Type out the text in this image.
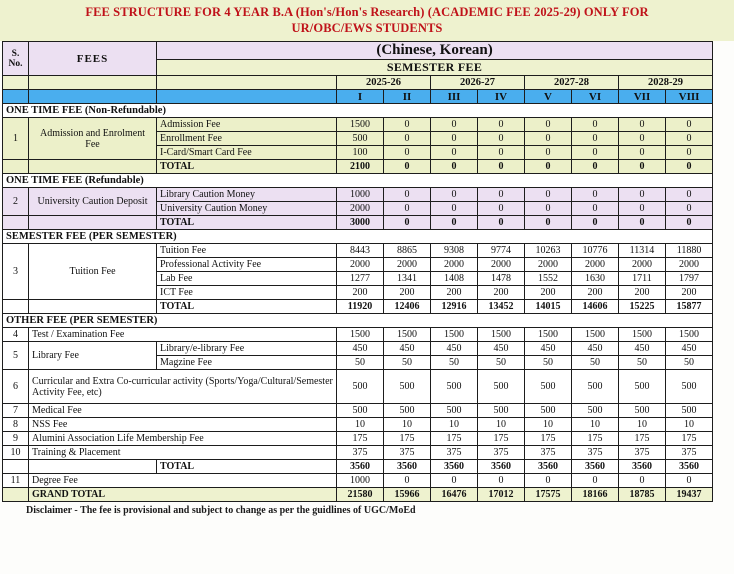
FEE STRUCTURE FOR 4 YEAR B.A (Hon's/Hon's Research) (ACADEMIC FEE 2025-29) ONLY FOR
UR/OBC/EWS STUDENTS
S. No.	FEES	(Chinese, Korean)								
		SEMESTER FEE								
			2025-26		2026-27		2027-28		2028-29	
			I	II	III	IV	V	VI	VII	VIII
ONE TIME FEE (Non-Refundable)										
1	Admission and Enrolment Fee	Admission Fee	1500	0	0	0	0	0	0	0
		Enrollment Fee	500	0	0	0	0	0	0	0
		I-Card/Smart Card Fee	100	0	0	0	0	0	0	0
		TOTAL	2100	0	0	0	0	0	0	0
ONE TIME FEE (Refundable)										
2	University Caution Deposit	Library Caution Money	1000	0	0	0	0	0	0	0
		University Caution Money	2000	0	0	0	0	0	0	0
		TOTAL	3000	0	0	0	0	0	0	0
SEMESTER FEE (PER SEMESTER)										
3	Tuition Fee	Tuition Fee	8443	8865	9308	9774	10263	10776	11314	11880
		Professional Activity Fee	2000	2000	2000	2000	2000	2000	2000	2000
		Lab Fee	1277	1341	1408	1478	1552	1630	1711	1797
		ICT Fee	200	200	200	200	200	200	200	200
		TOTAL	11920	12406	12916	13452	14015	14606	15225	15877
OTHER FEE (PER SEMESTER)										
4	Test / Examination Fee		1500	1500	1500	1500	1500	1500	1500	1500
5	Library Fee	Library/e-library Fee	450	450	450	450	450	450	450	450
		Magzine Fee	50	50	50	50	50	50	50	50
6	Curricular and Extra Co-curricular activity (Sports/Yoga/Cultural/Semester Activity Fee, etc)		500	500	500	500	500	500	500	500
7	Medical Fee		500	500	500	500	500	500	500	500
8	NSS Fee		10	10	10	10	10	10	10	10
9	Alumini Association Life Membership Fee		175	175	175	175	175	175	175	175
10	Training & Placement		375	375	375	375	375	375	375	375
		TOTAL	3560	3560	3560	3560	3560	3560	3560	3560
11	Degree Fee		1000	0	0	0	0	0	0	0
	GRAND TOTAL		21580	15966	16476	17012	17575	18166	18785	19437
Disclaimer - The fee is provisional and subject to change as per the guidlines of UGC/MoEd
